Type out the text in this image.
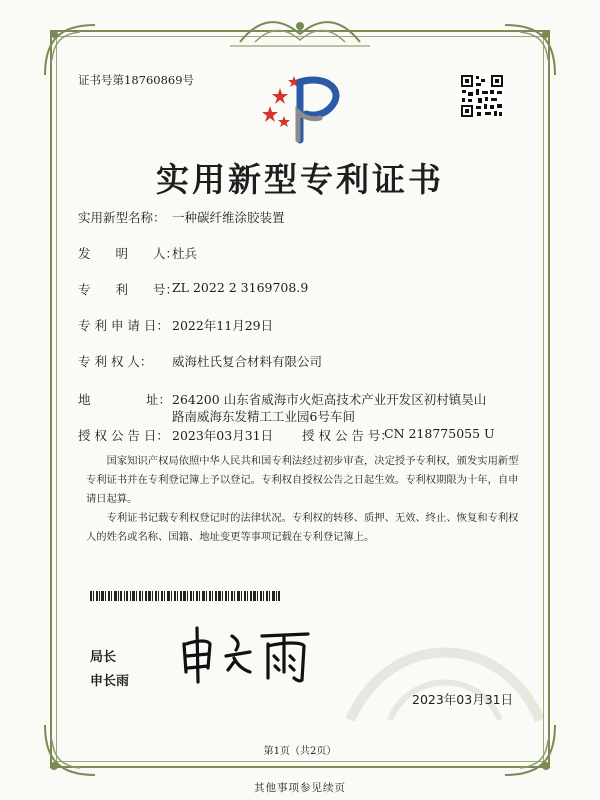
证书号第18760869号
实用新型专利证书
实用新型名称： 一种碳纤维涂胶装置
发　　明　　人：
杜兵
专　　利　　号：
ZL 2022 2 3169708.9
专 利 申 请 日： 2022年11月29日
专 利 权 人： 威海杜氏复合材料有限公司
地	址： 264200 山东省威海市火炬高技术产业开发区初村镇昊山
路南威海东发精工工业园6号车间
授 权 公 告 日： 2023年03月31日 授 权 公 告 号：
CN 218775055 U
　　国家知识产权局依照中华人民共和国专利法经过初步审查，决定授予专利权，颁发实用新型
专利证书并在专利登记簿上予以登记。专利权自授权公告之日起生效。专利权期限为十年，自申
请日起算。
　　专利证书记载专利权登记时的法律状况。专利权的转移、质押、无效、终止、恢复和专利权
人的姓名或名称、国籍、地址变更等事项记载在专利登记簿上。
局长
申长雨
2023年03月31日
第1页（共2页）
其他事项参见续页
